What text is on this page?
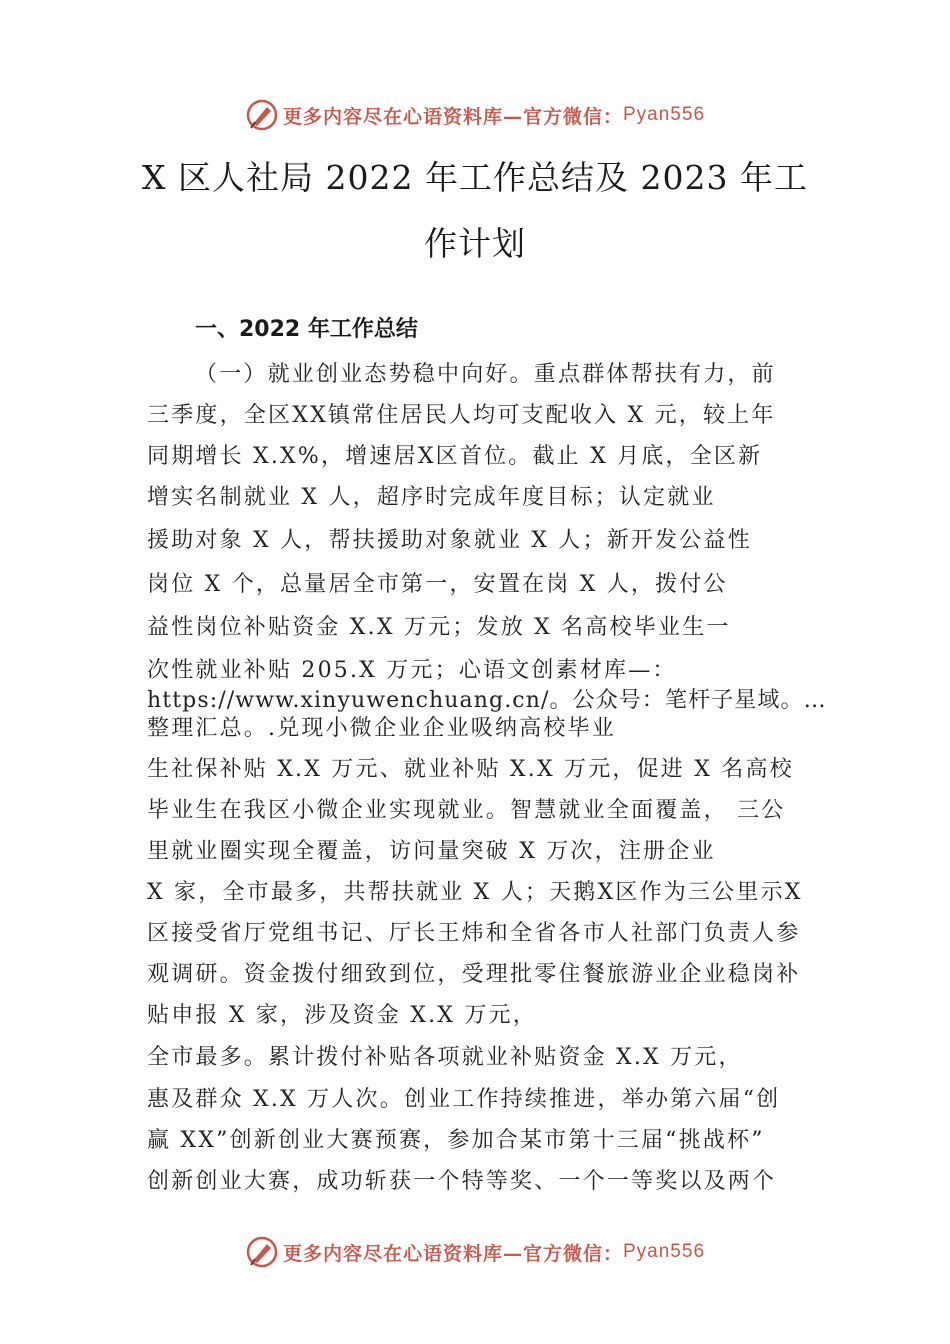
更多内容尽在心语资料库—官方微信： Pyan556
X 区人社局 2022 年工作总结及 2023 年工
作计划
一、2022 年工作总结
（一）就业创业态势稳中向好。重点群体帮扶有力，前
三季度，全区XX镇常住居民人均可支配收入 X 元，较上年
同期增长 X.X%，增速居X区首位。截止 X 月底，全区新
增实名制就业 X 人，超序时完成年度目标；认定就业
援助对象 X 人，帮扶援助对象就业 X 人；新开发公益性
岗位 X 个，总量居全市第一，安置在岗 X 人，拨付公
益性岗位补贴资金 X.X 万元；发放 X 名高校毕业生一
次性就业补贴 205.X 万元；心语文创素材库—：
https://www.xinyuwenchuang.cn/。公众号：笔杆子星域。…
整理汇总。.兑现小微企业企业吸纳高校毕业
生社保补贴 X.X 万元、就业补贴 X.X 万元，促进 X 名高校
毕业生在我区小微企业实现就业。智慧就业全面覆盖， 三公
里就业圈实现全覆盖，访问量突破 X 万次，注册企业
X 家，全市最多，共帮扶就业 X 人；天鹅X区作为三公里示X
区接受省厅党组书记、厅长王炜和全省各市人社部门负责人参
观调研。资金拨付细致到位，受理批零住餐旅游业企业稳岗补
贴申报 X 家，涉及资金 X.X 万元，
全市最多。累计拨付补贴各项就业补贴资金 X.X 万元，
惠及群众 X.X 万人次。创业工作持续推进，举办第六届“创
赢 XX”创新创业大赛预赛，参加合某市第十三届“挑战杯”
创新创业大赛，成功斩获一个特等奖、一个一等奖以及两个
更多内容尽在心语资料库—官方微信： Pyan556
